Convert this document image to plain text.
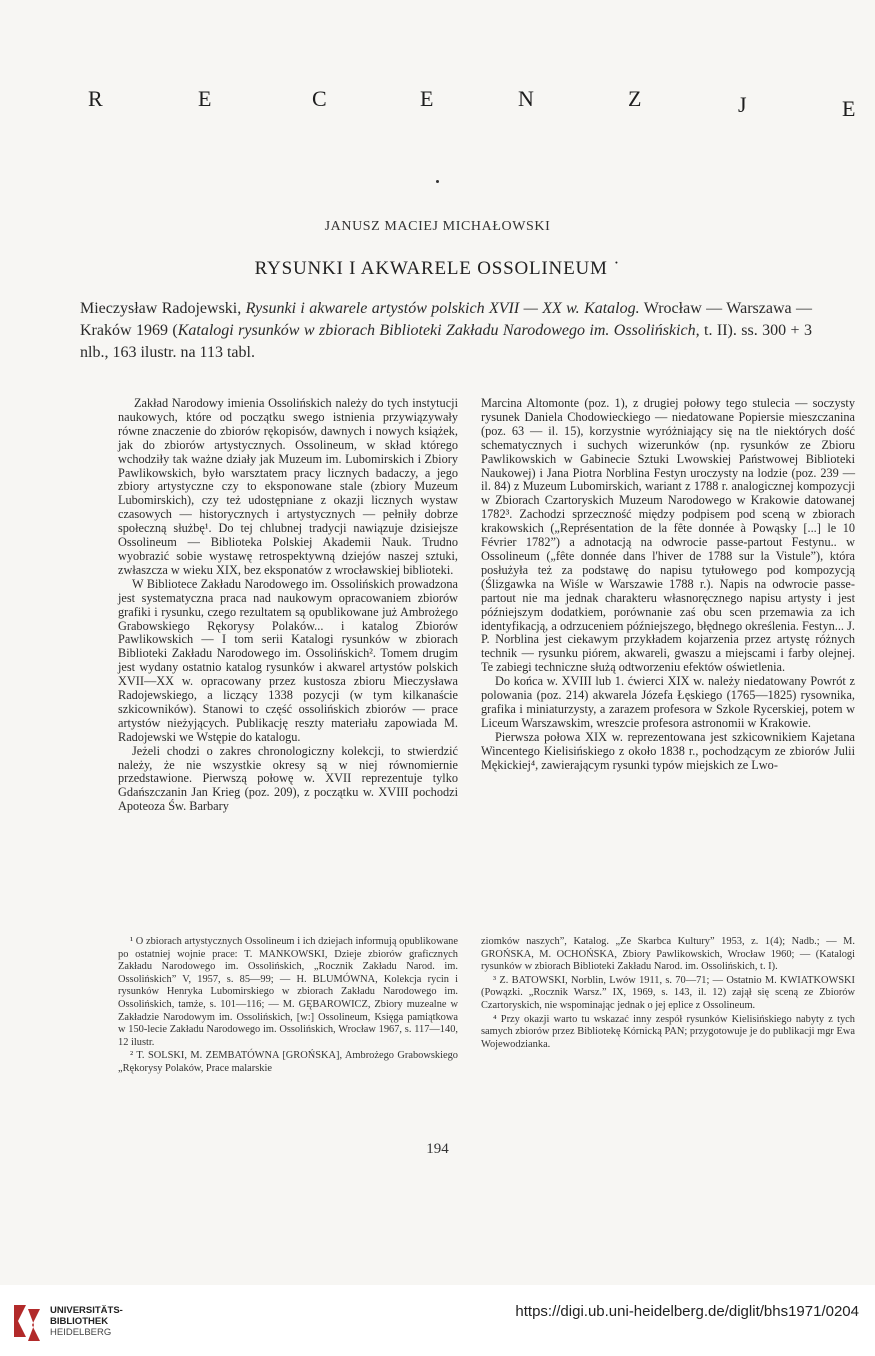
R	E	C	E	N	Z	J	E
JANUSZ MACIEJ MICHAŁOWSKI
RYSUNKI I AKWARELE OSSOLINEUM ˙
Mieczysław Radojewski, Rysunki i akwarele artystów polskich XVII — XX w. Katalog. Wrocław — Warszawa — Kraków 1969 (Katalogi rysunków w zbiorach Biblioteki Zakładu Narodowego im. Ossolińskich, t. II). ss. 300 + 3 nlb., 163 ilustr. na 113 tabl.

Zakład Narodowy imienia Ossolińskich należy do tych instytucji naukowych, które od początku swego istnienia przywiązywały równe znaczenie do zbiorów rękopisów, dawnych i nowych książek, jak do zbiorów artystycznych. Ossolineum, w skład którego wchodziły tak ważne działy jak Muzeum im. Lubomirskich i Zbiory Pawlikowskich, było warsztatem pracy licznych badaczy, a jego zbiory artystyczne czy to eksponowane stale (zbiory Muzeum Lubomirskich), czy też udostępniane z okazji licznych wystaw czasowych — historycznych i artystycznych — pełniły dobrze społeczną służbę¹. Do tej chlubnej tradycji nawiązuje dzisiejsze Ossolineum — Biblioteka Polskiej Akademii Nauk. Trudno wyobrazić sobie wystawę retrospektywną dziejów naszej sztuki, zwłaszcza w wieku XIX, bez eksponatów z wrocławskiej biblioteki.

W Bibliotece Zakładu Narodowego im. Ossolińskich prowadzona jest systematyczna praca nad naukowym opracowaniem zbiorów grafiki i rysunku, czego rezultatem są opublikowane już Ambrożego Grabowskiego Rękorysy Polaków... i katalog Zbiorów Pawlikowskich — I tom serii Katalogi rysunków w zbiorach Biblioteki Zakładu Narodowego im. Ossolińskich². Tomem drugim jest wydany ostatnio katalog rysunków i akwarel artystów polskich XVII—XX w. opracowany przez kustosza zbioru Mieczysława Radojewskiego, a liczący 1338 pozycji (w tym kilkanaście szkicowników). Stanowi to część ossolińskich zbiorów — prace artystów nieżyjących. Publikację reszty materiału zapowiada M. Radojewski we Wstępie do katalogu.

Jeżeli chodzi o zakres chronologiczny kolekcji, to stwierdzić należy, że nie wszystkie okresy są w niej równomiernie przedstawione. Pierwszą połowę w. XVII reprezentuje tylko Gdańszczanin Jan Krieg (poz. 209), z początku w. XVIII pochodzi Apoteoza Św. Barbary

Marcina Altomonte (poz. 1), z drugiej połowy tego stulecia — soczysty rysunek Daniela Chodowieckiego — niedatowane Popiersie mieszczanina (poz. 63 — il. 15), korzystnie wyróżniający się na tle niektórych dość schematycznych i suchych wizerunków (np. rysunków ze Zbioru Pawlikowskich w Gabinecie Sztuki Lwowskiej Państwowej Biblioteki Naukowej) i Jana Piotra Norblina Festyn uroczysty na lodzie (poz. 239 — il. 84) z Muzeum Lubomirskich, wariant z 1788 r. analogicznej kompozycji w Zbiorach Czartoryskich Muzeum Narodowego w Krakowie datowanej 1782³. Zachodzi sprzeczność między podpisem pod sceną w zbiorach krakowskich („Représentation de la fête donnée à Powąsky [...] le 10 Février 1782”) a adnotacją na odwrocie passe-partout Festynu.. w Ossolineum („fête donnée dans l'hiver de 1788 sur la Vistule”), która posłużyła też za podstawę do napisu tytułowego pod kompozycją (Ślizgawka na Wiśle w Warszawie 1788 r.). Napis na odwrocie passe-partout nie ma jednak charakteru własnoręcznego napisu artysty i jest późniejszym dodatkiem, porównanie zaś obu scen przemawia za ich identyfikacją, a odrzuceniem późniejszego, błędnego określenia. Festyn... J. P. Norblina jest ciekawym przykładem kojarzenia przez artystę różnych technik — rysunku piórem, akwareli, gwaszu a miejscami i farby olejnej. Te zabiegi techniczne służą odtworzeniu efektów oświetlenia.

Do końca w. XVIII lub 1. ćwierci XIX w. należy niedatowany Powrót z polowania (poz. 214) akwarela Józefa Łęskiego (1765—1825) rysownika, grafika i miniaturzysty, a zarazem profesora w Szkole Rycerskiej, potem w Liceum Warszawskim, wreszcie profesora astronomii w Krakowie.

Pierwsza połowa XIX w. reprezentowana jest szkicownikiem Kajetana Wincentego Kielisińskiego z około 1838 r., pochodzącym ze zbiorów Julii Mękickiej⁴, zawierającym rysunki typów miejskich ze Lwo-

¹ O zbiorach artystycznych Ossolineum i ich dziejach informują opublikowane po ostatniej wojnie prace: T. MANKOWSKI, Dzieje zbiorów graficznych Zakładu Narodowego im. Ossolińskich, „Rocznik Zakładu Narod. im. Ossolińskich” V, 1957, s. 85—99; — H. BLUMÓWNA, Kolekcja rycin i rysunków Henryka Lubomirskiego w zbiorach Zakładu Narodowego im. Ossolińskich, tamże, s. 101—116; — M. GĘBAROWICZ, Zbiory muzealne w Zakładzie Narodowym im. Ossolińskich, [w:] Ossolineum, Księga pamiątkowa w 150-lecie Zakładu Narodowego im. Ossolińskich, Wrocław 1967, s. 117—140, 12 ilustr.

² T. SOLSKI, M. ZEMBATÓWNA [GROŃSKA], Ambrożego Grabowskiego „Rękorysy Polaków, Prace malarskie

ziomków naszych”, Katalog. „Ze Skarbca Kultury” 1953, z. 1(4); Nadb.; — M. GROŃSKA, M. OCHOŃSKA, Zbiory Pawlikowskich, Wrocław 1960; — (Katalogi rysunków w zbiorach Biblioteki Zakładu Narod. im. Ossolińskich, t. I).

³ Z. BATOWSKI, Norblin, Lwów 1911, s. 70—71; — Ostatnio M. KWIATKOWSKI (Powązki. „Rocznik Warsz.” IX, 1969, s. 143, il. 12) zajął się sceną ze Zbiorów Czartoryskich, nie wspominając jednak o jej eplice z Ossolineum.

⁴ Przy okazji warto tu wskazać inny zespół rysunków Kielisińskiego nabyty z tych samych zbiorów przez Bibliotekę Kórnicką PAN; przygotowuje je do publikacji mgr Ewa Wojewodzianka.

194
UNIVERSITÄTS-
BIBLIOTHEK
HEIDELBERG
https://digi.ub.uni-heidelberg.de/diglit/bhs1971/0204
